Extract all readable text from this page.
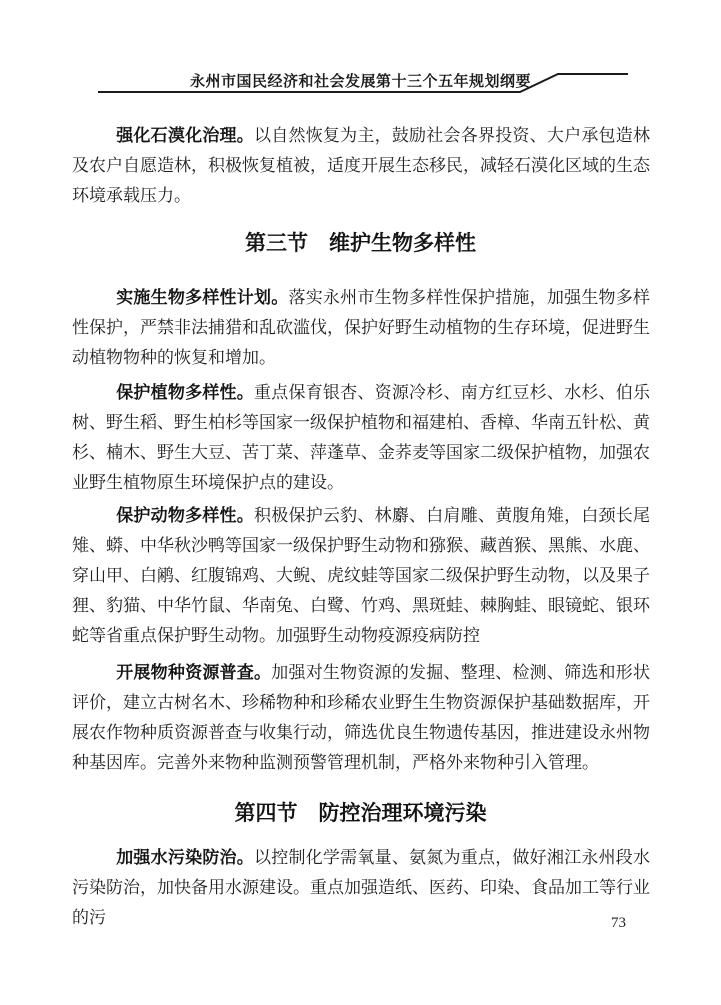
永州市国民经济和社会发展第十三个五年规划纲要

强化石漠化治理。以自然恢复为主，鼓励社会各界投资、大户承包造林及农户自愿造林，积极恢复植被，适度开展生态移民，减轻石漠化区域的生态环境承载压力。

第三节　维护生物多样性

实施生物多样性计划。落实永州市生物多样性保护措施，加强生物多样性保护，严禁非法捕猎和乱砍滥伐，保护好野生动植物的生存环境，促进野生动植物物种的恢复和增加。

保护植物多样性。重点保育银杏、资源冷杉、南方红豆杉、水杉、伯乐树、野生稻、野生柏杉等国家一级保护植物和福建柏、香樟、华南五针松、黄杉、楠木、野生大豆、苦丁菜、萍蓬草、金荞麦等国家二级保护植物，加强农业野生植物原生环境保护点的建设。

保护动物多样性。积极保护云豹、林麝、白肩雕、黄腹角雉，白颈长尾雉、蟒、中华秋沙鸭等国家一级保护野生动物和猕猴、藏酋猴、黑熊、水鹿、穿山甲、白鹇、红腹锦鸡、大鲵、虎纹蛙等国家二级保护野生动物，以及果子狸、豹猫、中华竹鼠、华南兔、白鹭、竹鸡、黑斑蛙、棘胸蛙、眼镜蛇、银环蛇等省重点保护野生动物。加强野生动物疫源疫病防控

开展物种资源普查。加强对生物资源的发掘、整理、检测、筛选和形状评价，建立古树名木、珍稀物种和珍稀农业野生生物资源保护基础数据库，开展农作物种质资源普查与收集行动，筛选优良生物遗传基因，推进建设永州物种基因库。完善外来物种监测预警管理机制，严格外来物种引入管理。

第四节　防控治理环境污染

加强水污染防治。以控制化学需氧量、氨氮为重点，做好湘江永州段水污染防治，加快备用水源建设。重点加强造纸、医药、印染、食品加工等行业的污	73
